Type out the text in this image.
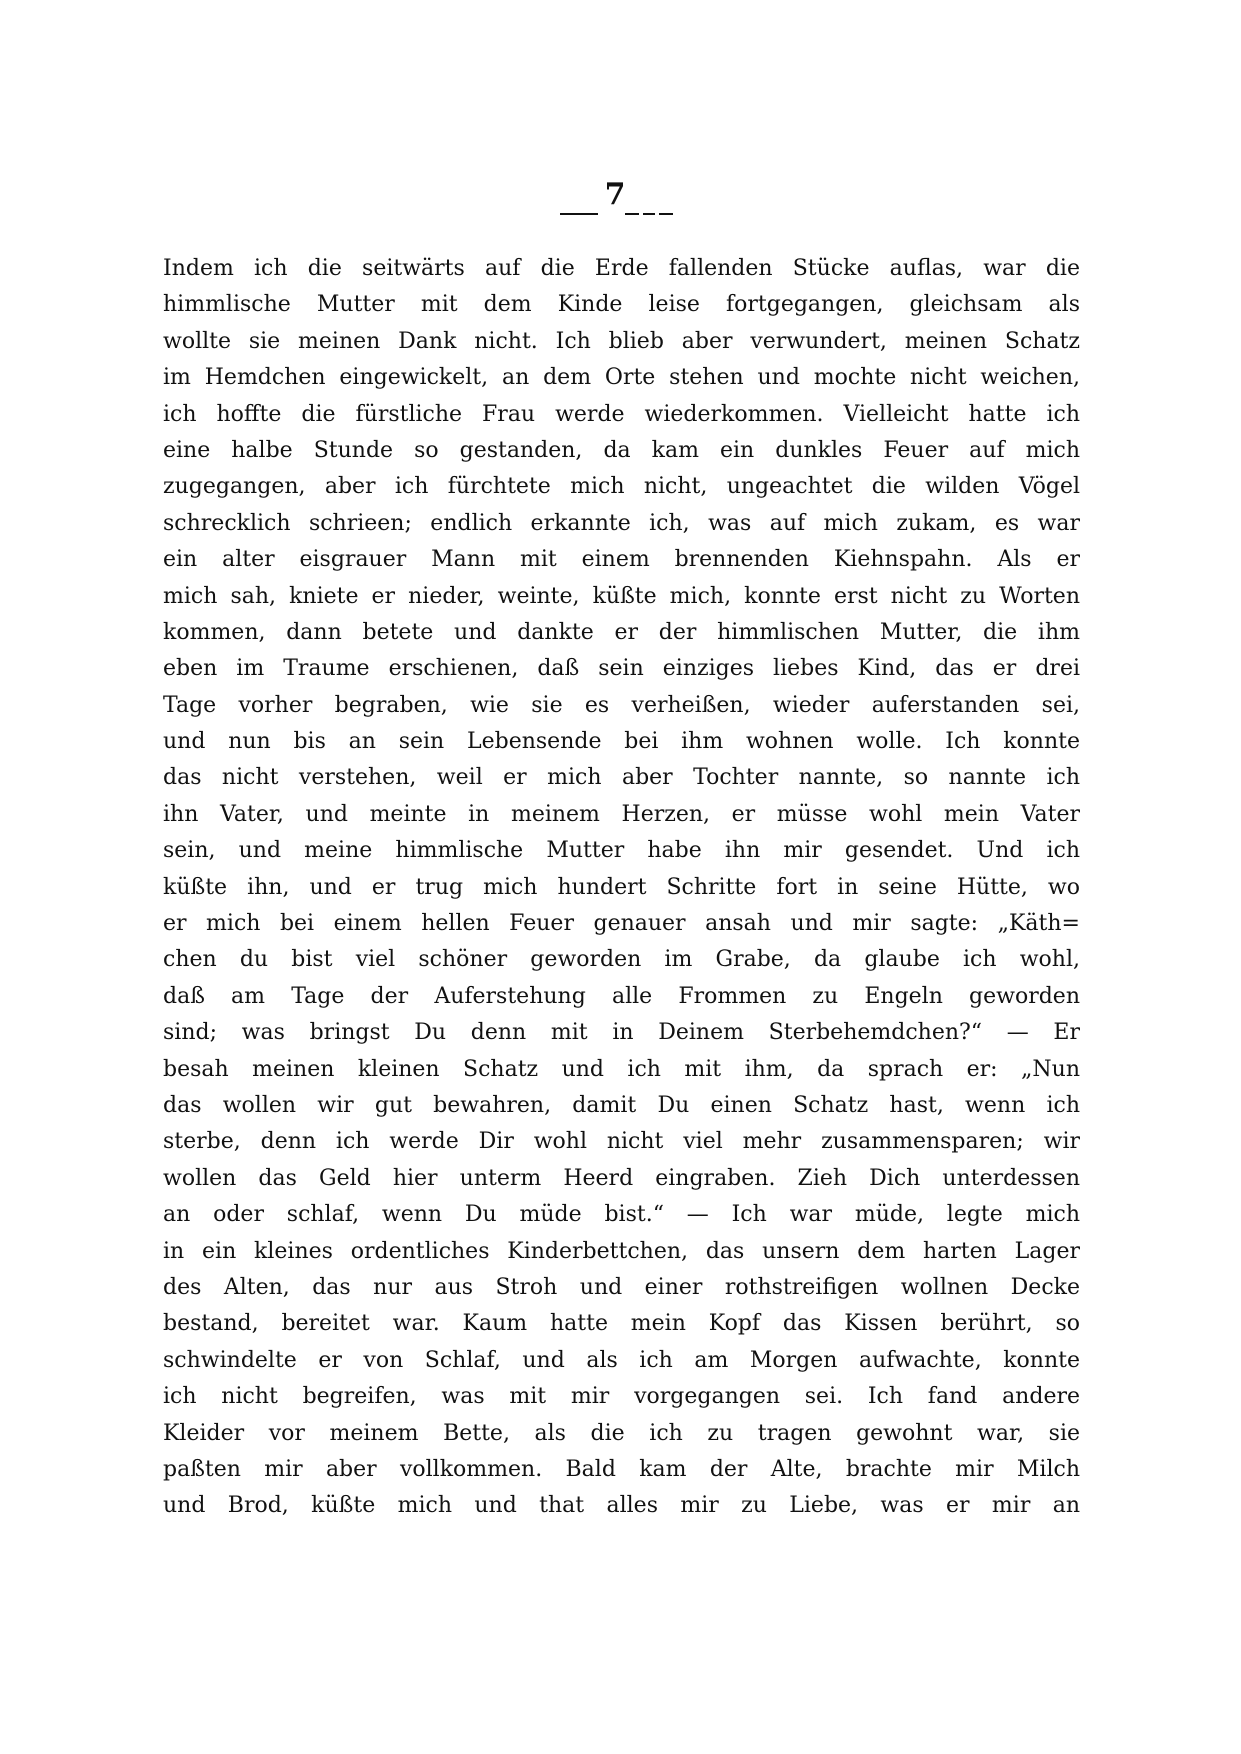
7
Indem ich die seitwärts auf die Erde fallenden Stücke auflas, war die
himmlische Mutter mit dem Kinde leise fortgegangen, gleichsam als
wollte sie meinen Dank nicht. Ich blieb aber verwundert, meinen Schatz
im Hemdchen eingewickelt, an dem Orte stehen und mochte nicht weichen,
ich hoffte die fürstliche Frau werde wiederkommen. Vielleicht hatte ich
eine halbe Stunde so gestanden, da kam ein dunkles Feuer auf mich
zugegangen, aber ich fürchtete mich nicht, ungeachtet die wilden Vögel
schrecklich schrieen; endlich erkannte ich, was auf mich zukam, es war
ein alter eisgrauer Mann mit einem brennenden Kiehnspahn. Als er
mich sah, kniete er nieder, weinte, küßte mich, konnte erst nicht zu Worten
kommen, dann betete und dankte er der himmlischen Mutter, die ihm
eben im Traume erschienen, daß sein einziges liebes Kind, das er drei
Tage vorher begraben, wie sie es verheißen, wieder auferstanden sei,
und nun bis an sein Lebensende bei ihm wohnen wolle. Ich konnte
das nicht verstehen, weil er mich aber Tochter nannte, so nannte ich
ihn Vater, und meinte in meinem Herzen, er müsse wohl mein Vater
sein, und meine himmlische Mutter habe ihn mir gesendet. Und ich
küßte ihn, und er trug mich hundert Schritte fort in seine Hütte, wo
er mich bei einem hellen Feuer genauer ansah und mir sagte: „Käth=
chen du bist viel schöner geworden im Grabe, da glaube ich wohl,
daß am Tage der Auferstehung alle Frommen zu Engeln geworden
sind; was bringst Du denn mit in Deinem Sterbehemdchen?“ — Er
besah meinen kleinen Schatz und ich mit ihm, da sprach er: „Nun
das wollen wir gut bewahren, damit Du einen Schatz hast, wenn ich
sterbe, denn ich werde Dir wohl nicht viel mehr zusammensparen; wir
wollen das Geld hier unterm Heerd eingraben. Zieh Dich unterdessen
an oder schlaf, wenn Du müde bist.“ — Ich war müde, legte mich
in ein kleines ordentliches Kinderbettchen, das unsern dem harten Lager
des Alten, das nur aus Stroh und einer rothstreifigen wollnen Decke
bestand, bereitet war. Kaum hatte mein Kopf das Kissen berührt, so
schwindelte er von Schlaf, und als ich am Morgen aufwachte, konnte
ich nicht begreifen, was mit mir vorgegangen sei. Ich fand andere
Kleider vor meinem Bette, als die ich zu tragen gewohnt war, sie
paßten mir aber vollkommen. Bald kam der Alte, brachte mir Milch
und Brod, küßte mich und that alles mir zu Liebe, was er mir an
